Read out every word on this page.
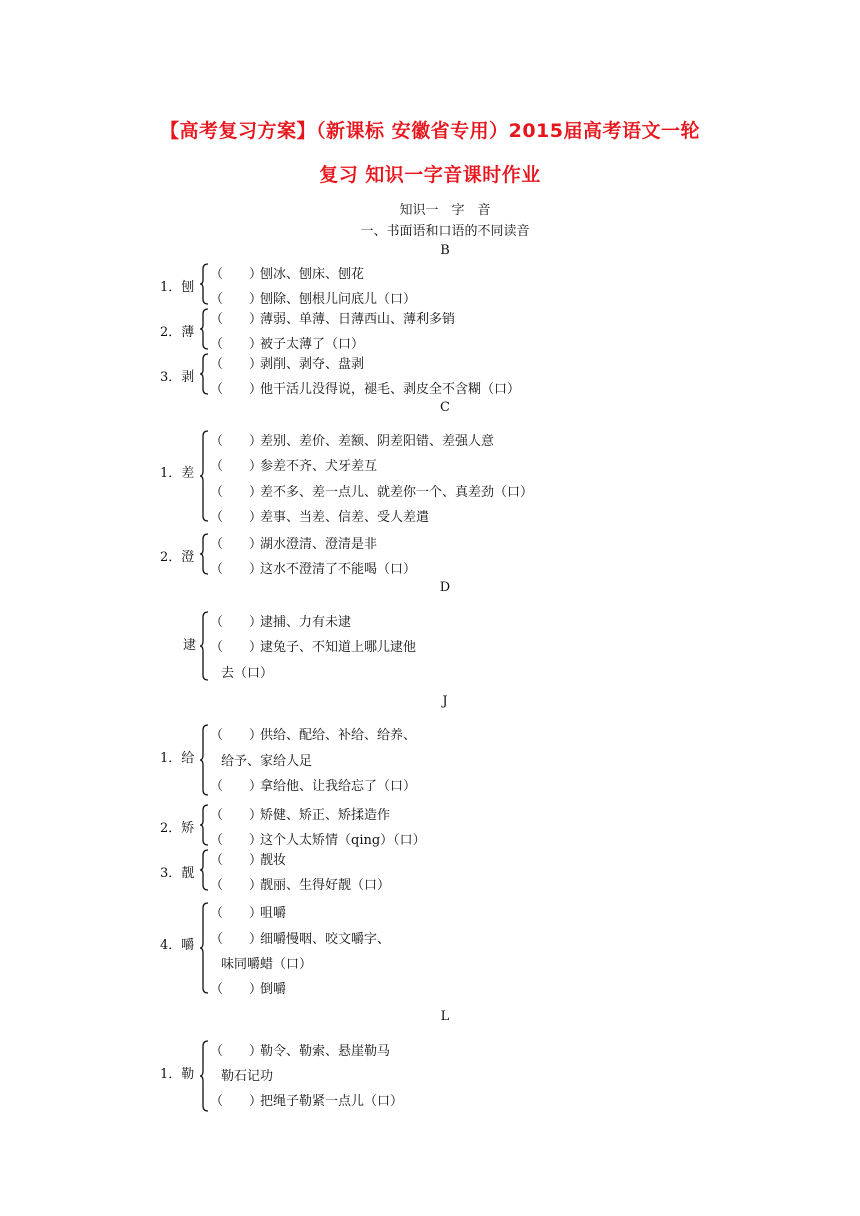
【高考复习方案】（新课标 安徽省专用）2015届高考语文一轮
复习 知识一字音课时作业
知识一　字　音
一、书面语和口语的不同读音
B
1．刨
（　　）刨冰、刨床、刨花
（　　）刨除、刨根儿问底儿（口）
2．薄
（　　）薄弱、单薄、日薄西山、薄利多销
（　　）被子太薄了（口）
3．剥
（　　）剥削、剥夺、盘剥
（　　）他干活儿没得说，褪毛、剥皮全不含糊（口）
C
1．差
（　　）差别、差价、差额、阴差阳错、差强人意
（　　）参差不齐、犬牙差互
（　　）差不多、差一点儿、就差你一个、真差劲（口）
（　　）差事、当差、信差、受人差遣
2．澄
（　　）湖水澄清、澄清是非
（　　）这水不澄清了不能喝（口）
D
逮
（　　）逮捕、力有未逮
（　　）逮兔子、不知道上哪儿逮他
去（口）
J
1．给
（　　）供给、配给、补给、给养、
给予、家给人足
（　　）拿给他、让我给忘了（口）
2．矫
（　　）矫健、矫正、矫揉造作
（　　）这个人太矫情（qing）（口）
3．靓
（　　）靓妆
（　　）靓丽、生得好靓（口）
4．嚼
（　　）咀嚼
（　　）细嚼慢咽、咬文嚼字、
味同嚼蜡（口）
（　　）倒嚼
L
1．勒
（　　）勒令、勒索、悬崖勒马
勒石记功
（　　）把绳子勒紧一点儿（口）
